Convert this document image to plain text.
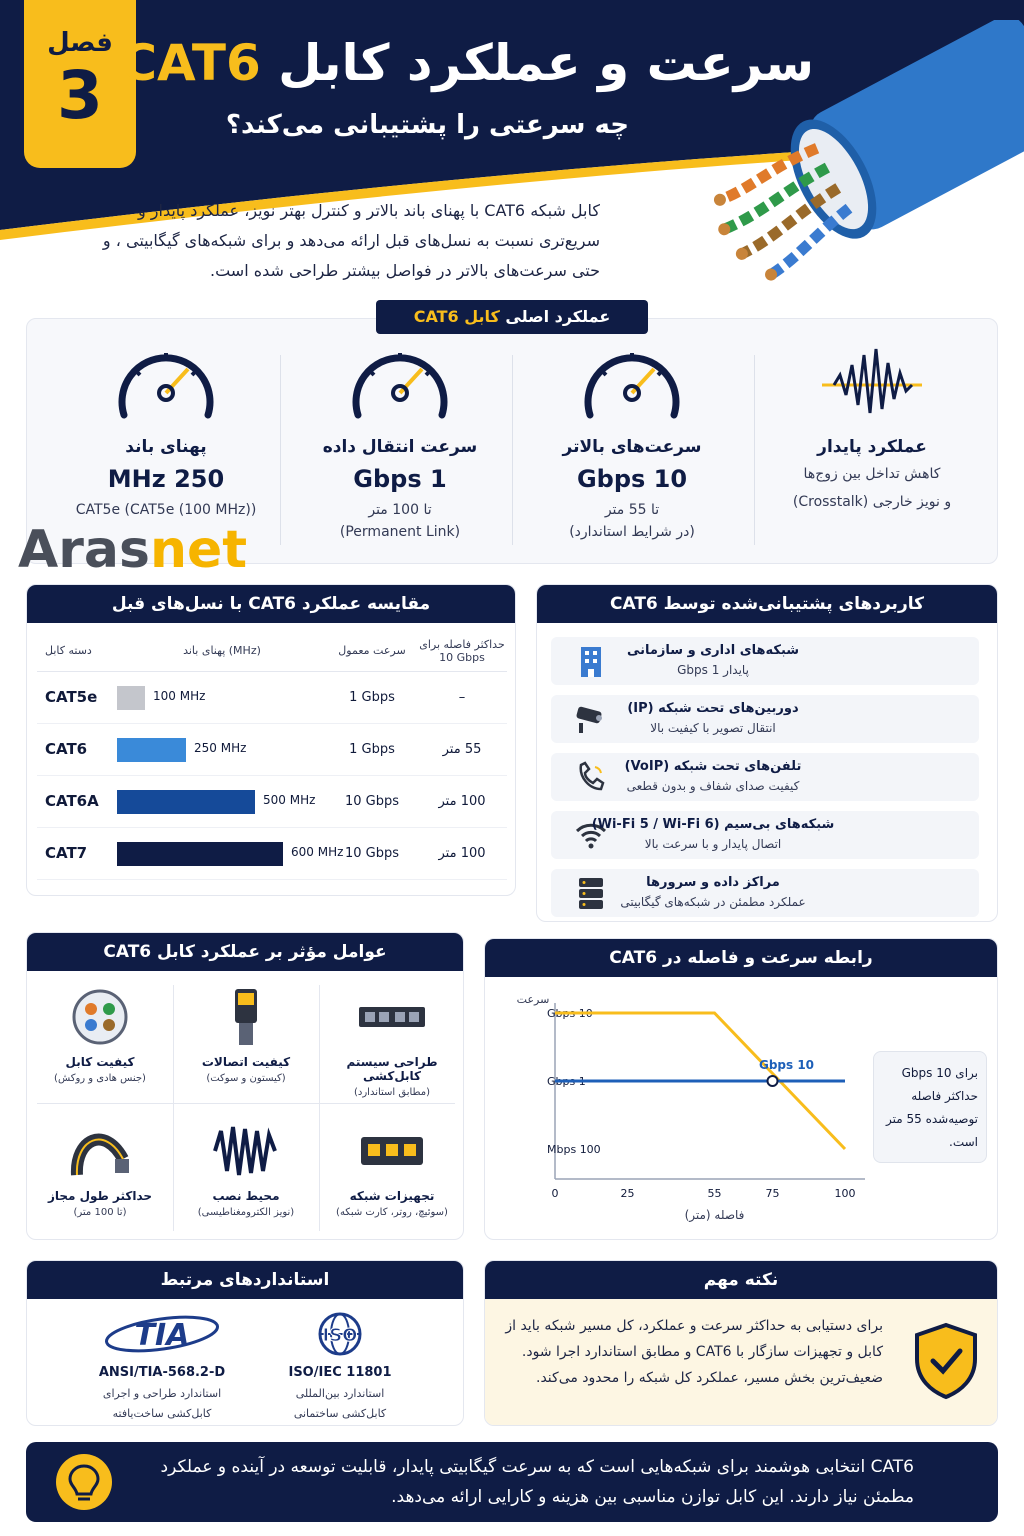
فصل
3	سرعت و عملکرد کابل CAT6
چه سرعتی را پشتیبانی می‌کند؟
کابل شبکه CAT6 با پهنای باند بالاتر و کنترل بهتر نویز، عملکرد پایدار و سریع‌تری نسبت به نسل‌های قبل ارائه می‌دهد و برای شبکه‌های گیگابیتی ، و حتی سرعت‌های بالاتر در فواصل بیشتر طراحی شده است.
عملکرد پایدار
کاهش تداخل بین زوج‌ها
و نویز خارجی (Crosstalk)
سرعت‌های بالاتر
10 Gbps
تا 55 متر
(در شرایط استاندارد)
سرعت انتقال داده
1 Gbps
تا 100 متر
(Permanent Link)
پهنای باند
250 MHz
(CAT5e (CAT5e (100 MHz)
عملکرد اصلی کابل CAT6
Arasnet
مقایسه عملکرد CAT6 با نسل‌های قبل
دسته کابل	پهنای باند (MHz)	سرعت معمول	حداکثر فاصله برای 10 Gbps
CAT5e	100 MHz	1 Gbps	–
CAT6	250 MHz	1 Gbps	55 متر
CAT6A	500 MHz	10 Gbps	100 متر
CAT7	600 MHz	10 Gbps	100 متر
کاربردهای پشتیبانی‌شده توسط CAT6
شبکه‌های اداری و سازمانی
پایدار 1 Gbps
دوربین‌های تحت شبکه (IP)
انتقال تصویر با کیفیت بالا
تلفن‌های تحت شبکه (VoIP)
کیفیت صدای شفاف و بدون قطعی
شبکه‌های بی‌سیم (Wi-Fi 5 / Wi-Fi 6)
اتصال پایدار و با سرعت بالا
مراکز داده و سرورها
عملکرد مطمئن در شبکه‌های گیگابیتی
عوامل مؤثر بر عملکرد کابل CAT6
کیفیت کابل
(جنس هادی و روکش)
کیفیت اتصالات
(کیستون و سوکت)
طراحی سیستم کابل‌کشی
(مطابق استاندارد)
حداکثر طول مجاز
(تا 100 متر)
محیط نصب
(نویز الکترومغناطیسی)
تجهیزات شبکه
(سوئیچ، روتر، کارت شبکه)
رابطه سرعت و فاصله در CAT6
سرعت
فاصله (متر)
100 Mbps
1 Gbps
10 Gbps
0	25	55	75	100
10 Gbps
برای 10 Gbps حداکثر فاصله توصیه‌شده 55 متر است.
استانداردهای مرتبط
ISO
ISO/IEC 11801
استاندارد بین‌المللی
کابل‌کشی ساختمانی
TIA
ANSI/TIA-568.2-D
استاندارد طراحی و اجرای
کابل‌کشی ساخت‌یافته
نکته مهم
برای دستیابی به حداکثر سرعت و عملکرد، کل مسیر شبکه باید از کابل و تجهیزات سازگار با CAT6 و مطابق استاندارد اجرا شود. ضعیف‌ترین بخش مسیر، عملکرد کل شبکه را محدود می‌کند.
CAT6 انتخابی هوشمند برای شبکه‌هایی است که به سرعت گیگابیتی پایدار، قابلیت توسعه در آینده و عملکرد مطمئن نیاز دارند. این کابل توازن مناسبی بین هزینه و کارایی ارائه می‌دهد.
